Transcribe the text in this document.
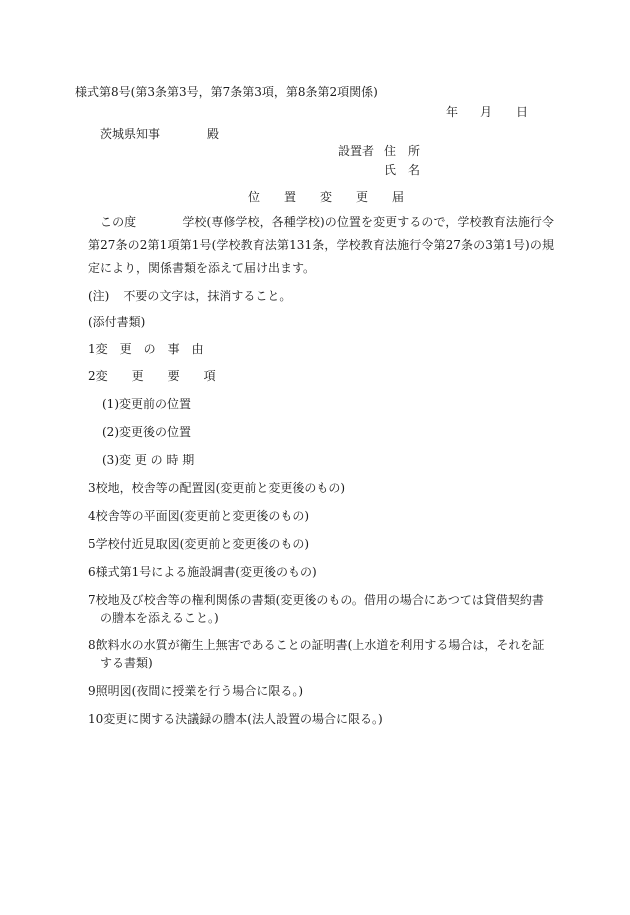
様式第8号(第3条第3号，第7条第3項，第8条第2項関係)
年 月 日
茨城県知事	殿
設置者 住　所
氏　名
位　　置　　変　　更　　届
この度	学校(専修学校，各種学校)の位置を変更するので，学校教育法施行令第27条の2第1項第1号(学校教育法第131条，学校教育法施行令第27条の3第1号)の規定により，関係書類を添えて届け出ます。
(注) 不要の文字は，抹消すること。
(添付書類)
1変　更　の　事　由
2変　　更　　要　　項
(1)変更前の位置
(2)変更後の位置
(3)変 更 の 時 期
3校地，校舎等の配置図(変更前と変更後のもの)
4校舎等の平面図(変更前と変更後のもの)
5学校付近見取図(変更前と変更後のもの)
6様式第1号による施設調書(変更後のもの)
7校地及び校舎等の権利関係の書類(変更後のもの。借用の場合にあつては貸借契約書
の謄本を添えること。)
8飲料水の水質が衛生上無害であることの証明書(上水道を利用する場合は，それを証
する書類)
9照明図(夜間に授業を行う場合に限る。)
10変更に関する決議録の謄本(法人設置の場合に限る。)
